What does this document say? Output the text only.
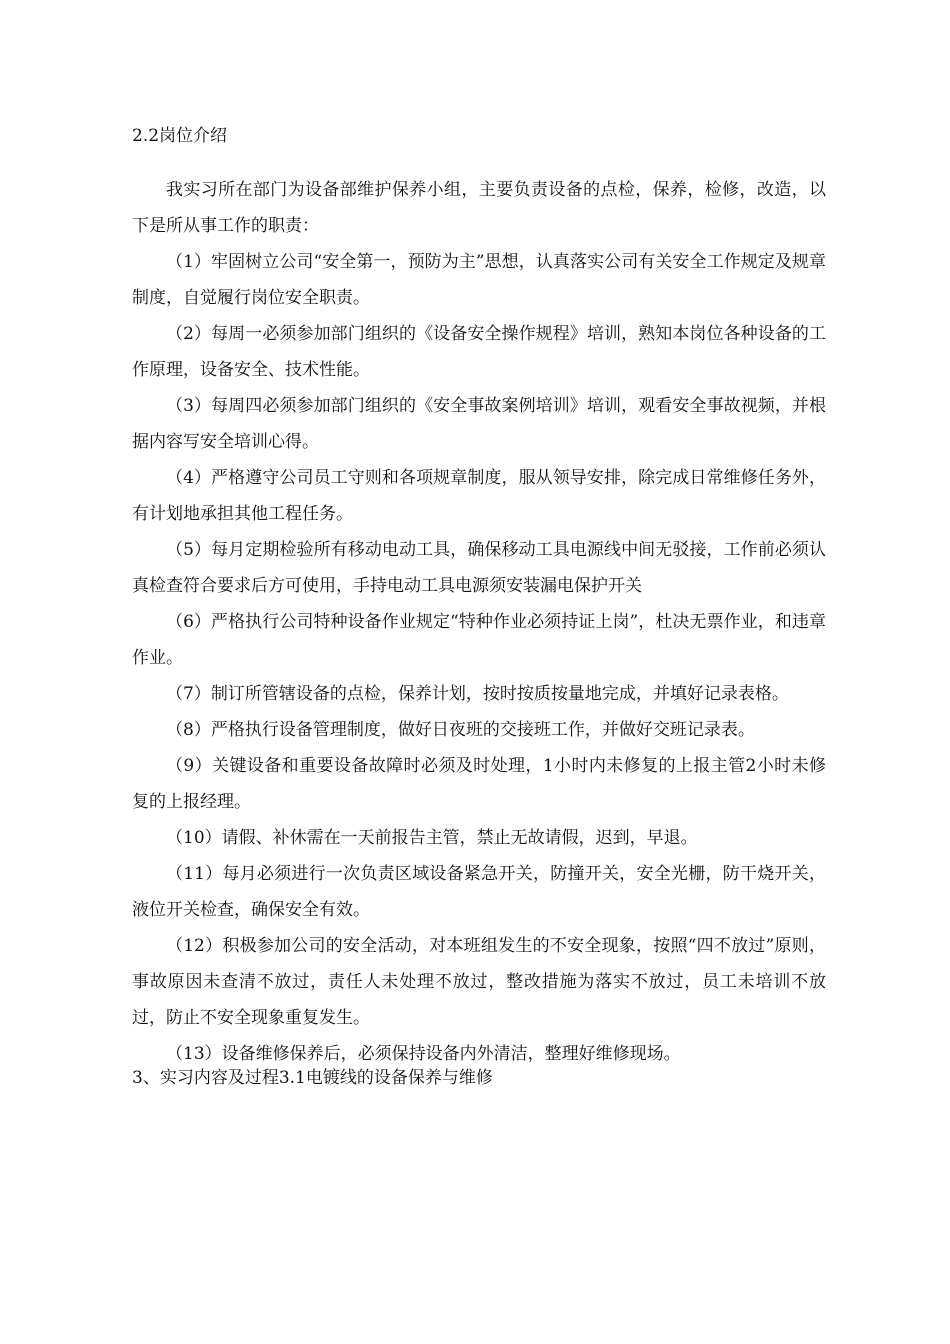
2.2岗位介绍

我实习所在部门为设备部维护保养小组，主要负责设备的点检，保养，检修，改造，以下是所从事工作的职责：

（1）牢固树立公司“安全第一，预防为主”思想，认真落实公司有关安全工作规定及规章制度，自觉履行岗位安全职责。
（2）每周一必须参加部门组织的《设备安全操作规程》培训，熟知本岗位各种设备的工作原理，设备安全、技术性能。
（3）每周四必须参加部门组织的《安全事故案例培训》培训，观看安全事故视频，并根据内容写安全培训心得。
（4）严格遵守公司员工守则和各项规章制度，服从领导安排，除完成日常维修任务外，有计划地承担其他工程任务。
（5）每月定期检验所有移动电动工具，确保移动工具电源线中间无驳接，工作前必须认真检查符合要求后方可使用，手持电动工具电源须安装漏电保护开关
（6）严格执行公司特种设备作业规定“特种作业必须持证上岗”，杜决无票作业，和违章作业。
（7）制订所管辖设备的点检，保养计划，按时按质按量地完成，并填好记录表格。
（8）严格执行设备管理制度，做好日夜班的交接班工作，并做好交班记录表。
（9）关键设备和重要设备故障时必须及时处理，1小时内未修复的上报主管2小时未修复的上报经理。
（10）请假、补休需在一天前报告主管，禁止无故请假，迟到，早退。
（11）每月必须进行一次负责区域设备紧急开关，防撞开关，安全光栅，防干烧开关，液位开关检查，确保安全有效。
（12）积极参加公司的安全活动，对本班组发生的不安全现象，按照“四不放过”原则，事故原因未查清不放过，责任人未处理不放过，整改措施为落实不放过，员工未培训不放过，防止不安全现象重复发生。
（13）设备维修保养后，必须保持设备内外清洁，整理好维修现场。
3、实习内容及过程3.1电镀线的设备保养与维修
